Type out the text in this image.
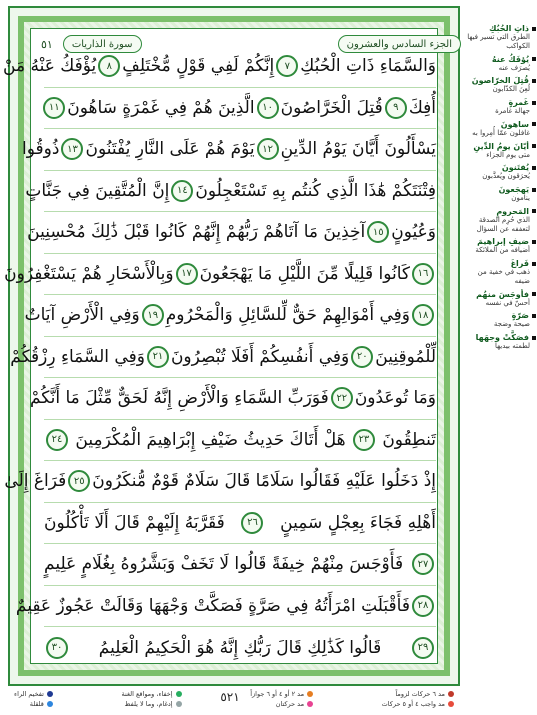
٥١	سورة الذاريات	الجزء السادس والعشرون
وَالسَّمَاءِ ذَاتِ الْحُبُكِ
٧
إِنَّكُمْ لَفِي قَوْلٍ مُّخْتَلِفٍ
٨
يُؤْفَكُ عَنْهُ مَنْ
أُفِكَ
٩
قُتِلَ الْخَرَّاصُونَ
١٠
الَّذِينَ هُمْ فِي غَمْرَةٍ سَاهُونَ
١١
يَسْأَلُونَ أَيَّانَ يَوْمُ الدِّينِ
١٢
يَوْمَ هُمْ عَلَى النَّارِ يُفْتَنُونَ
١٣
ذُوقُوا
فِتْنَتَكُمْ هَٰذَا الَّذِي كُنتُم بِهِ تَسْتَعْجِلُونَ
١٤
إِنَّ الْمُتَّقِينَ فِي جَنَّاتٍ
وَعُيُونٍ
١٥
آخِذِينَ مَا آتَاهُمْ رَبُّهُمْ إِنَّهُمْ كَانُوا قَبْلَ ذَٰلِكَ مُحْسِنِينَ
١٦
كَانُوا قَلِيلًا مِّنَ اللَّيْلِ مَا يَهْجَعُونَ
١٧
وَبِالْأَسْحَارِ هُمْ يَسْتَغْفِرُونَ
١٨
وَفِي أَمْوَالِهِمْ حَقٌّ لِّلسَّائِلِ وَالْمَحْرُومِ
١٩
وَفِي الْأَرْضِ آيَاتٌ
لِّلْمُوقِنِينَ
٢٠
وَفِي أَنفُسِكُمْ أَفَلَا تُبْصِرُونَ
٢١
وَفِي السَّمَاءِ رِزْقُكُمْ
وَمَا تُوعَدُونَ
٢٢
فَوَرَبِّ السَّمَاءِ وَالْأَرْضِ إِنَّهُ لَحَقٌّ مِّثْلَ مَا أَنَّكُمْ
تَنطِقُونَ
٢٣
هَلْ أَتَاكَ حَدِيثُ ضَيْفِ إِبْرَاهِيمَ الْمُكْرَمِينَ
٢٤
إِذْ دَخَلُوا عَلَيْهِ فَقَالُوا سَلَامًا قَالَ سَلَامٌ قَوْمٌ مُّنكَرُونَ
٢٥
فَرَاغَ إِلَىٰ
أَهْلِهِ فَجَاءَ بِعِجْلٍ سَمِينٍ
٢٦
فَقَرَّبَهُ إِلَيْهِمْ قَالَ أَلَا تَأْكُلُونَ
٢٧
فَأَوْجَسَ مِنْهُمْ خِيفَةً قَالُوا لَا تَخَفْ وَبَشَّرُوهُ بِغُلَامٍ عَلِيمٍ
٢٨
فَأَقْبَلَتِ امْرَأَتُهُ فِي صَرَّةٍ فَصَكَّتْ وَجْهَهَا وَقَالَتْ عَجُوزٌ عَقِيمٌ
٢٩
قَالُوا كَذَٰلِكِ قَالَ رَبُّكِ إِنَّهُ هُوَ الْحَكِيمُ الْعَلِيمُ
٣٠
٥٢١	مد ٦ حركات لزوماً
مد واجب ٤ أو ٥ حركات
مد ٢ أو ٤ أو ٦ جوازاً
مد حركتان
إخفاء، ومواقع الغنة
إدغام، وما لا يلفظ
تفخيم الراء
قلقلة
ذاتِ الحُبُكِ
الطرق التي تسير فيها الكواكب
يُؤفَكُ عنهُ
يُصرَف عنه
قُتِلَ الخرّاصونَ
لُعِنَ الكذّابون
غَمرةٍ
جهالة غامرة
ساهونَ
غافلون عمّا أُمِروا به
أيّانَ يومُ الدِّينِ
متى يوم الجزاء
يُفتَنونَ
يُحرَقون ويُعذَّبون
يَهجَعونَ
ينامون
المَحرومِ
الذي حُرِم الصدقة لتعففه عن السؤال
ضيفِ إبراهيمَ
أضيافه من الملائكة
فَراغَ
ذهب في خفية من ضيفه
فأوجَسَ منهُم
أحسّ في نفسه
صَرّةٍ
صيحة وضجة
فصَكَّتْ وجهَها
لطمته بيديها
